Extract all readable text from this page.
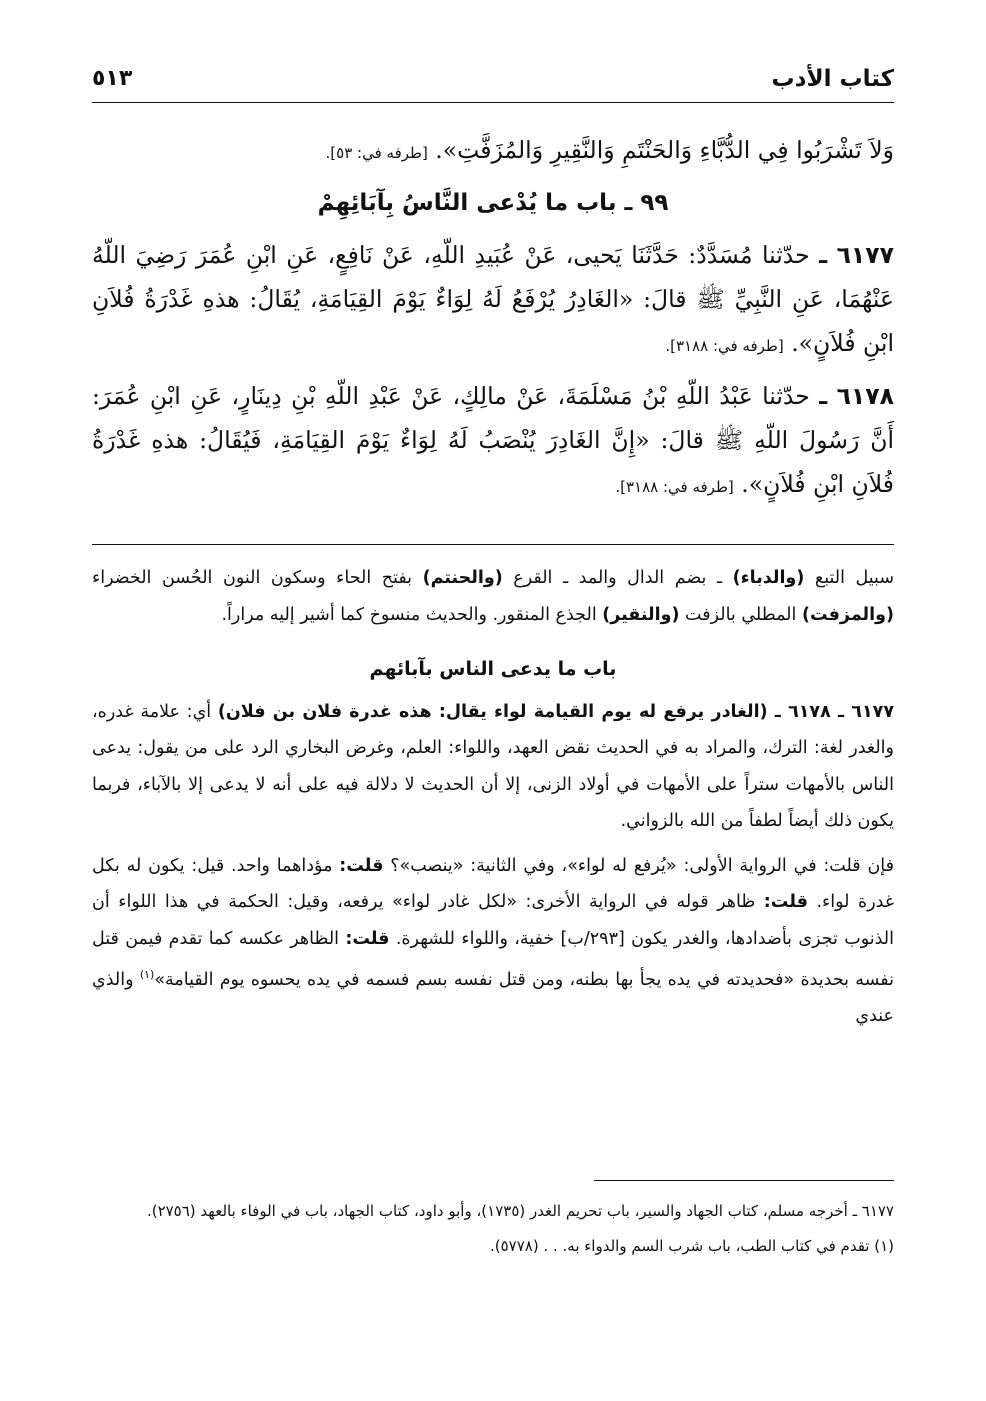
كتاب الأدب
٥١٣

وَلاَ تَشْرَبُوا فِي الدُّبَّاءِ وَالحَنْتَمِ وَالنَّقِيرِ وَالمُزَفَّتِ». [طرفه في: ٥٣].

٩٩ ـ باب ما يُدْعى النَّاسُ بِآبَائِهِمْ

٦١٧٧ ـ حدّثنا مُسَدَّدٌ: حَدَّثَنَا يَحيى، عَنْ عُبَيدِ اللّهِ، عَنْ نَافِعٍ، عَنِ ابْنِ عُمَرَ رَضِيَ اللّهُ عَنْهُمَا، عَنِ النَّبِيِّ ﷺ قالَ: «الغَادِرُ يُرْفَعُ لَهُ لِوَاءٌ يَوْمَ القِيَامَةِ، يُقَالُ: هذهِ غَدْرَةُ فُلاَنِ ابْنِ فُلاَنٍ». [طرفه في: ٣١٨٨].

٦١٧٨ ـ حدّثنا عَبْدُ اللّهِ بْنُ مَسْلَمَةَ، عَنْ مالِكٍ، عَنْ عَبْدِ اللّهِ بْنِ دِينَارٍ، عَنِ ابْنِ عُمَرَ: أَنَّ رَسُولَ اللّهِ ﷺ قالَ: «إِنَّ الغَادِرَ يُنْصَبُ لَهُ لِوَاءٌ يَوْمَ القِيَامَةِ، فَيُقَالُ: هذهِ غَدْرَةُ فُلاَنِ ابْنِ فُلاَنٍ». [طرفه في: ٣١٨٨].

سبيل التبع (والدباء) ـ بضم الدال والمد ـ القرع (والحنتم) بفتح الحاء وسكون النون الحُسن الخضراء (والمزفت) المطلي بالزفت (والنقير) الجذع المنقور. والحديث منسوخ كما أشير إليه مراراً.

باب ما يدعى الناس بآبائهم

٦١٧٧ ـ ٦١٧٨ ـ (الغادر يرفع له يوم القيامة لواء يقال: هذه غدرة فلان بن فلان) أي: علامة غدره، والغدر لغة: الترك، والمراد به في الحديث نقض العهد، واللواء: العلم، وغرض البخاري الرد على من يقول: يدعى الناس بالأمهات ستراً على الأمهات في أولاد الزنى، إلا أن الحديث لا دلالة فيه على أنه لا يدعى إلا بالآباء، فربما يكون ذلك أيضاً لطفاً من الله بالزواني.

فإن قلت: في الرواية الأولى: «يُرفع له لواء»، وفي الثانية: «ينصب»؟ قلت: مؤداهما واحد. قيل: يكون له بكل غدرة لواء. قلت: ظاهر قوله في الرواية الأخرى: «لكل غادر لواء» يرفعه، وقيل: الحكمة في هذا اللواء أن الذنوب تجزى بأضدادها، والغدر يكون [٢٩٣/ب] خفية، واللواء للشهرة. قلت: الظاهر عكسه كما تقدم فيمن قتل نفسه بحديدة «فحديدته في يده يجأ بها بطنه، ومن قتل نفسه بسم فسمه في يده يحسوه يوم القيامة»$^{(١)}$ والذي عندي

٦١٧٧ ـ أخرجه مسلم، كتاب الجهاد والسير، باب تحريم الغدر (١٧٣٥)، وأبو داود، كتاب الجهاد، باب في الوفاء بالعهد (٢٧٥٦).

(١) تقدم في كتاب الطب، باب شرب السم والدواء به. . . (٥٧٧٨).
